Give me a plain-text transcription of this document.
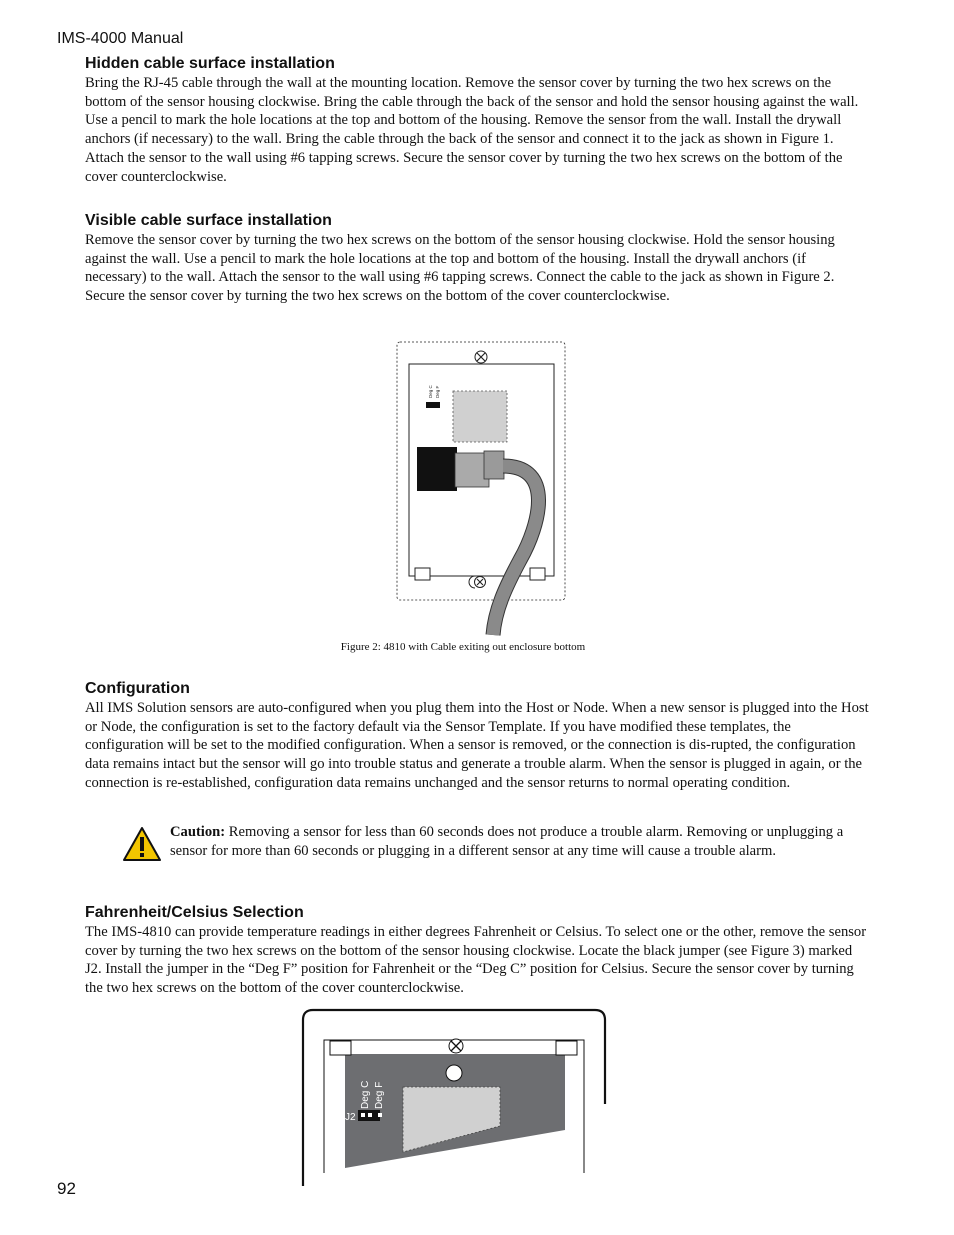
IMS-4000 Manual
Hidden cable surface installation

Bring the RJ-45 cable through the wall at the mounting location. Remove the sensor cover by turning the two hex screws on the bottom of the sensor housing clockwise. Bring the cable through the back of the sensor and hold the sensor housing against the wall. Use a pencil to mark the hole locations at the top and bottom of the housing. Remove the sensor from the wall. Install the drywall anchors (if necessary) to the wall. Bring the cable through the back of the sensor and connect it to the jack as shown in Figure 1. Attach the sensor to the wall using #6 tapping screws. Secure the sensor cover by turning the two hex screws on the bottom of the cover counterclockwise.

Visible cable surface installation

Remove the sensor cover by turning the two hex screws on the bottom of the sensor housing clockwise. Hold the sensor housing against the wall. Use a pencil to mark the hole locations at the top and bottom of the housing. Install the drywall anchors (if necessary) to the wall. Attach the sensor to the wall using #6 tapping screws. Connect the cable to the jack as shown in Figure 2. Secure the sensor cover by turning the two hex screws on the bottom of the cover counterclockwise.

Deg C Deg F
Figure 2: 4810 with Cable exiting out enclosure bottom
Configuration

All IMS Solution sensors are auto-configured when you plug them into the Host or Node. When a new sensor is plugged into the Host or Node, the configuration is set to the factory default via the Sensor Template. If you have modified these templates, the configuration will be set to the modified configuration. When a sensor is removed, or the connection is dis-rupted, the configuration data remains intact but the sensor will go into trouble status and generate a trouble alarm. When the sensor is plugged in again, or the connection is re-established, configuration data remains unchanged and the sensor returns to normal operating condition.

Caution: Removing a sensor for less than 60 seconds does not produce a trouble alarm. Removing or unplugging a sensor for more than 60 seconds or plugging in a different sensor at any time will cause a trouble alarm.

Fahrenheit/Celsius Selection

The IMS-4810 can provide temperature readings in either degrees Fahrenheit or Celsius. To select one or the other, remove the sensor cover by turning the two hex screws on the bottom of the sensor housing clockwise. Locate the black jumper (see Figure 3) marked J2. Install the jumper in the “Deg F” position for Fahrenheit or the “Deg C” position for Celsius. Secure the sensor cover by turning the two hex screws on the bottom of the cover counterclockwise.

J2
Deg C Deg F
92
